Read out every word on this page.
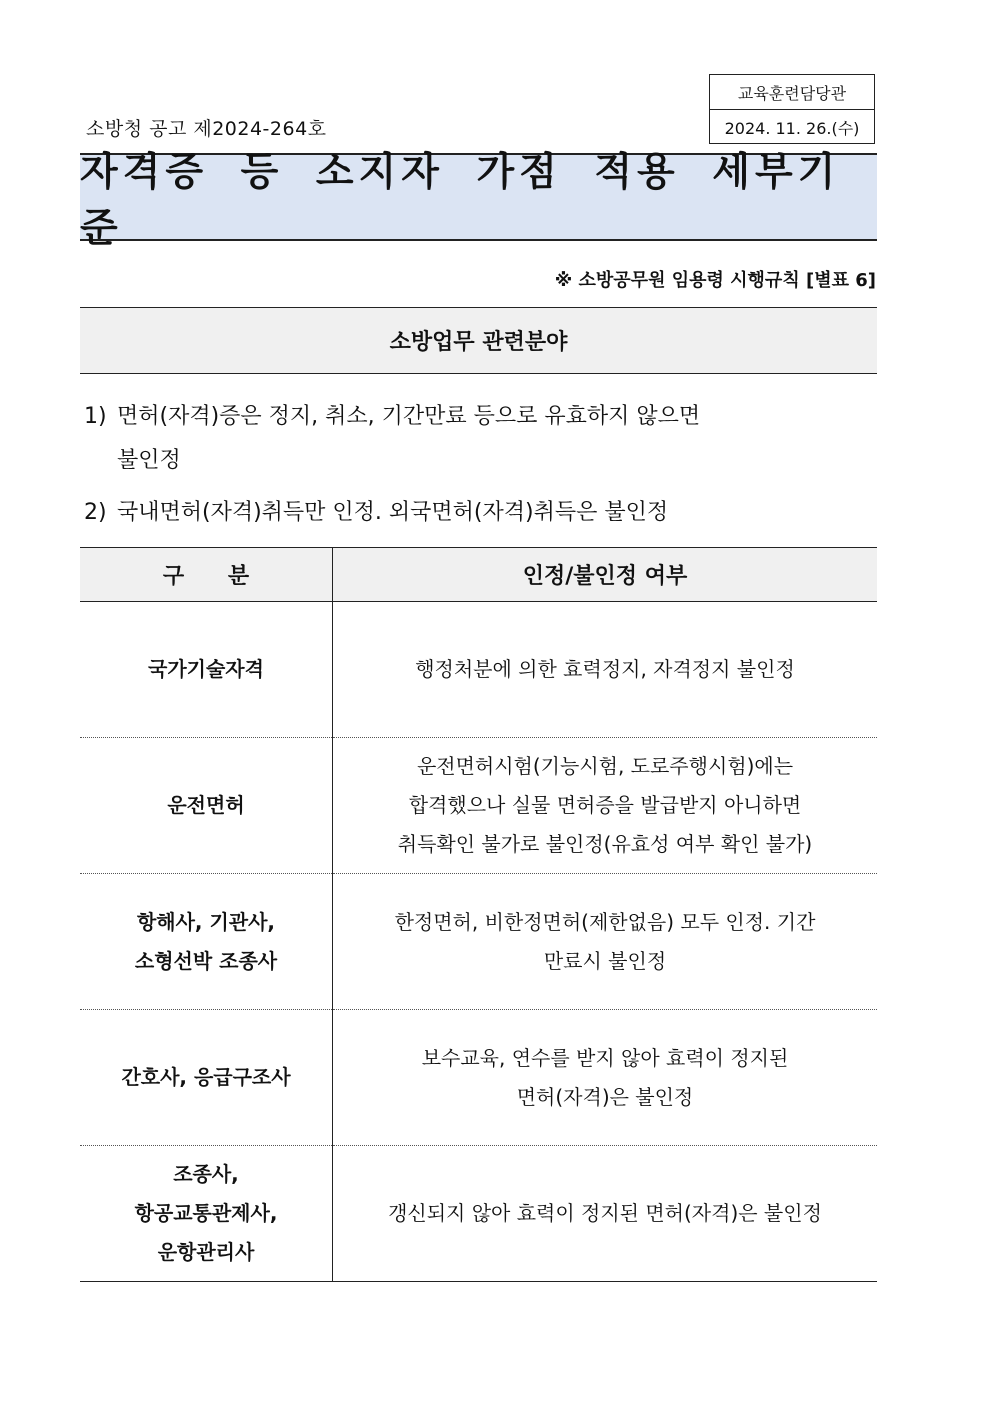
소방청 공고 제2024-264호
교육훈련담당관
2024. 11. 26.(수)
자격증 등 소지자 가점 적용 세부기준
※ 소방공무원 임용령 시행규칙 [별표 6]
소방업무 관련분야
1) 면허(자격)증은 정지, 취소, 기간만료 등으로 유효하지 않으면
불인정
2) 국내면허(자격)취득만 인정. 외국면허(자격)취득은 불인정
구 분	인정/불인정 여부

국가기술자격	행정처분에 의한 효력정지, 자격정지 불인정

운전면허	운전면허시험(기능시험, 도로주행시험)에는
합격했으나 실물 면허증을 발급받지 아니하면
취득확인 불가로 불인정(유효성 여부 확인 불가)

항해사, 기관사,
소형선박 조종사	한정면허, 비한정면허(제한없음) 모두 인정. 기간
만료시 불인정

간호사, 응급구조사	보수교육, 연수를 받지 않아 효력이 정지된
면허(자격)은 불인정

조종사,
항공교통관제사,
운항관리사	갱신되지 않아 효력이 정지된 면허(자격)은 불인정
